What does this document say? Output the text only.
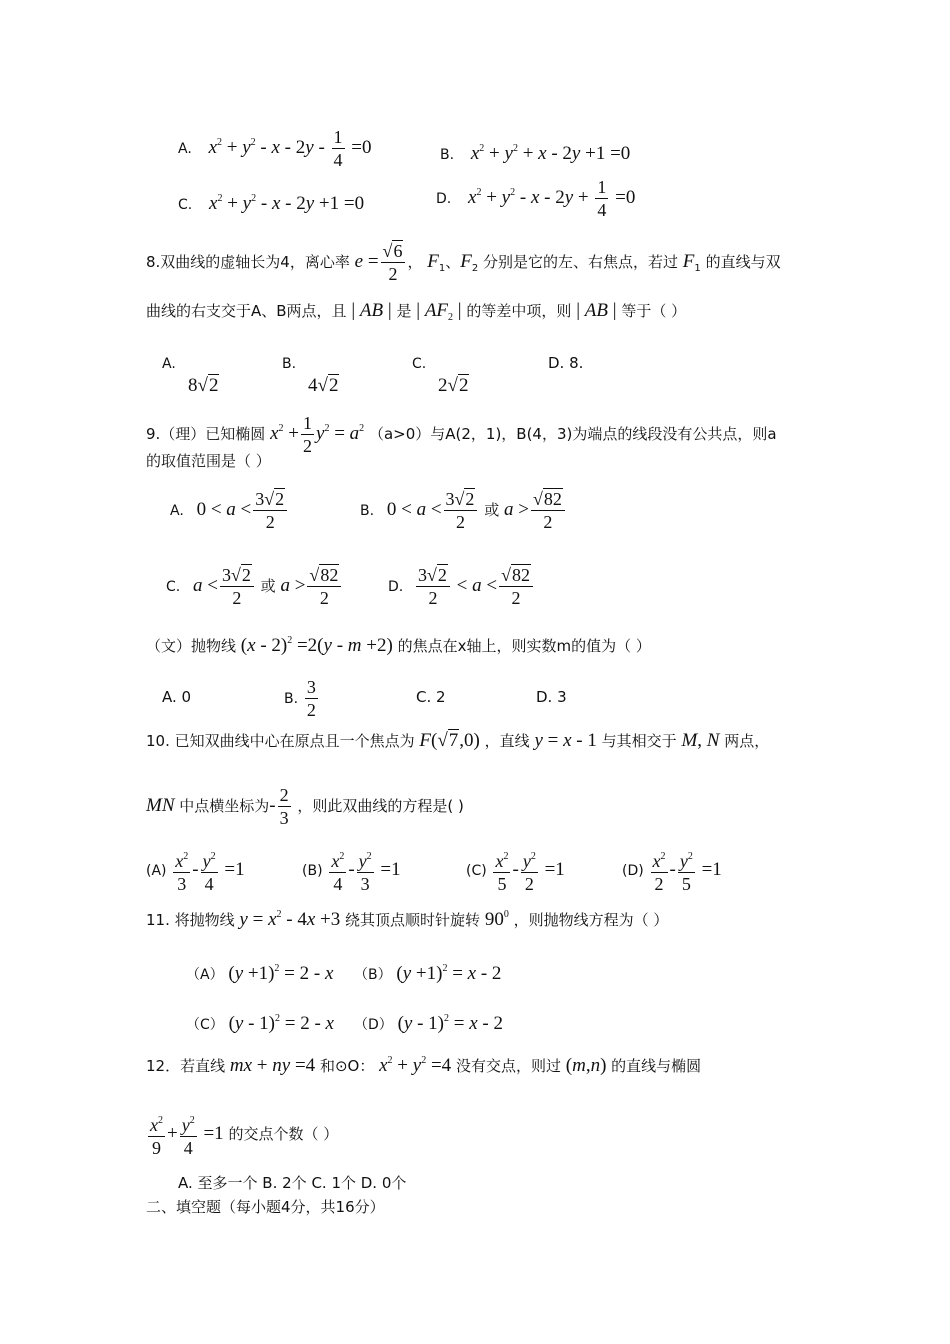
A. $x^2 + y^2 - x - 2y - \frac{1}{4} =0$	B. $x^2 + y^2 + x - 2y +1 =0$
C. $x^2 + y^2 - x - 2y +1 =0$	D. $x^2 + y^2 - x - 2y + \frac{1}{4} =0$
8.双曲线的虚轴长为4，离心率 $e = \frac{√6}{2}$ ， $F_1$、$F_2$ 分别是它的左、右焦点，若过 $F_1$ 的直线与双
曲线的右支交于A、B两点，且 | AB | 是 | $AF_2$ | 的等差中项，则 | AB | 等于（ ）
A.
8√2
B.
4√2
C.
2√2
D. 8.
9.（理）已知椭圆 $x^2 + \frac{1}{2} y^2 = a^2$ （a>0）与A(2，1)，B(4，3)为端点的线段没有公共点，则a
的取值范围是（ ）
A. $0 < a < \frac{3√2}{2}$	B. $0 < a < \frac{3√2}{2}$ 或 $a > \frac{√82}{2}$
C. $a < \frac{3√2}{2}$ 或 $a > \frac{√82}{2}$	D. $\frac{3√2}{2} < a < \frac{√82}{2}$
（文）抛物线 (x - 2)$^2$ =2(y - m +2) 的焦点在x轴上，则实数m的值为（ ）
A. 0	B. $\frac{3}{2}$	C. 2	D. 3
10. 已知双曲线中心在原点且一个焦点为 F(√7,0) ，直线 y = x - 1 与其相交于 M, N 两点，
MN 中点横坐标为- $\frac{2}{3}$ ，则此双曲线的方程是( )
$(A) \frac{x^2}{3} - \frac{y^2}{4} =1$	$(B) \frac{x^2}{4} - \frac{y^2}{3} =1$	$(C) \frac{x^2}{5} - \frac{y^2}{2} =1$	$(D) \frac{x^2}{2} - \frac{y^2}{5} =1$
11. 将抛物线 $y = x^2 - 4x +3$ 绕其顶点顺时针旋转 $90^0$ ，则抛物线方程为（ ）
（A） $(y +1)^2 = 2 - x$ （B） $(y +1)^2 = x - 2$
（C） (y - 1)$^2$ = 2 - x （D） (y - 1)$^2$ = x - 2
12．若直线 mx + ny =4 和⊙O： $x^2 + y^2 =4$ 没有交点，则过 (m,n) 的直线与椭圆
$\frac{x^2}{9} + \frac{y^2}{4} =1$ 的交点个数（ ）
A. 至多一个 B. 2个 C. 1个 D. 0个
二、填空题（每小题4分，共16分）
